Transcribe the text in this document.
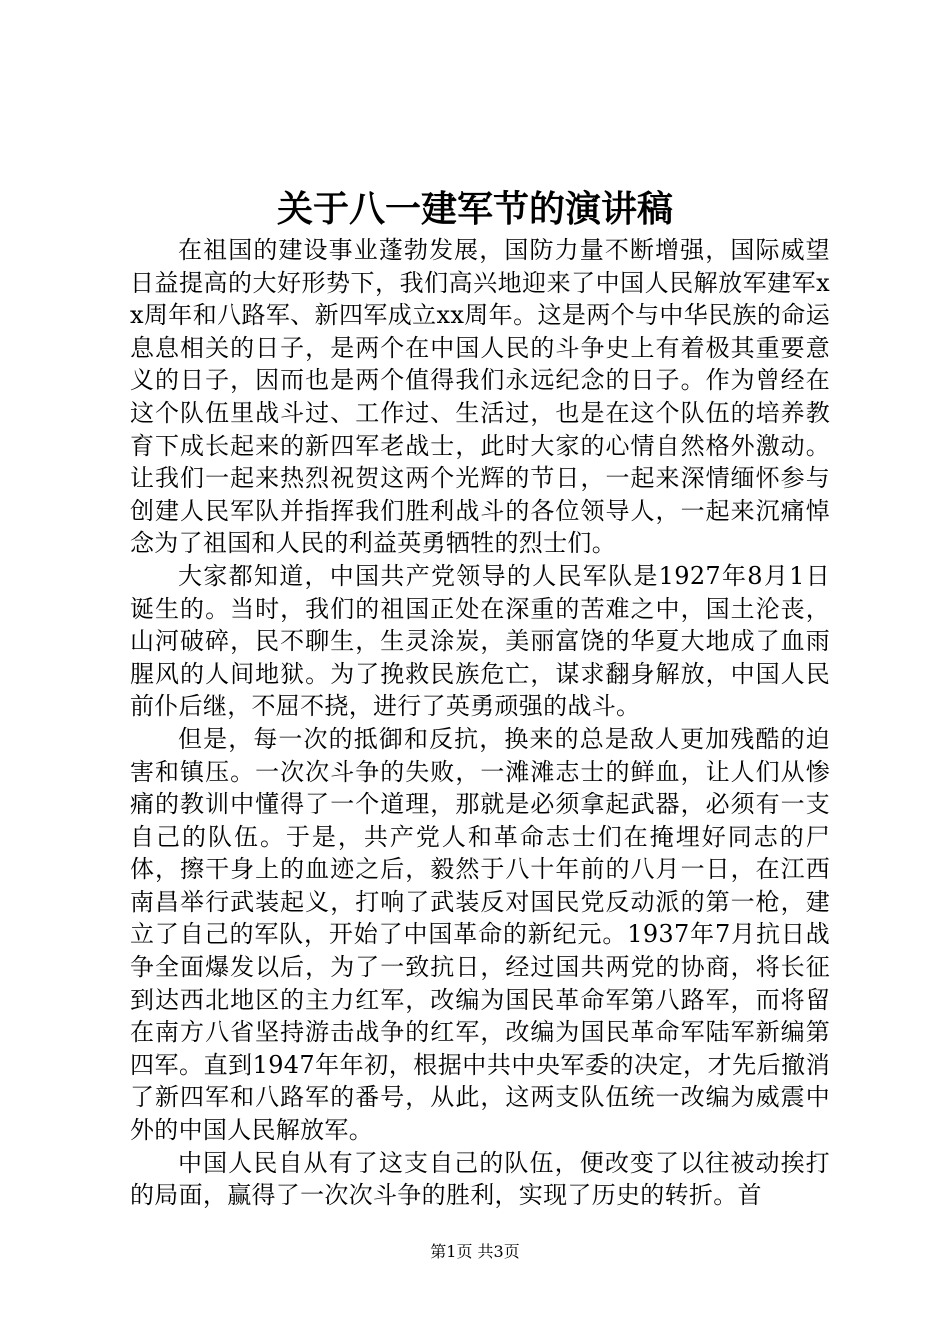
关于八一建军节的演讲稿

在祖国的建设事业蓬勃发展，国防力量不断增强，国际威望日益提高的大好形势下，我们高兴地迎来了中国人民解放军建军xx周年和八路军、新四军成立xx周年。这是两个与中华民族的命运息息相关的日子，是两个在中国人民的斗争史上有着极其重要意义的日子，因而也是两个值得我们永远纪念的日子。作为曾经在这个队伍里战斗过、工作过、生活过，也是在这个队伍的培养教育下成长起来的新四军老战士，此时大家的心情自然格外激动。让我们一起来热烈祝贺这两个光辉的节日，一起来深情缅怀参与创建人民军队并指挥我们胜利战斗的各位领导人，一起来沉痛悼念为了祖国和人民的利益英勇牺牲的烈士们。

大家都知道，中国共产党领导的人民军队是1927年8月1日诞生的。当时，我们的祖国正处在深重的苦难之中，国土沦丧，山河破碎，民不聊生，生灵涂炭，美丽富饶的华夏大地成了血雨腥风的人间地狱。为了挽救民族危亡，谋求翻身解放，中国人民前仆后继，不屈不挠，进行了英勇顽强的战斗。

但是，每一次的抵御和反抗，换来的总是敌人更加残酷的迫害和镇压。一次次斗争的失败，一滩滩志士的鲜血，让人们从惨痛的教训中懂得了一个道理，那就是必须拿起武器，必须有一支自己的队伍。于是，共产党人和革命志士们在掩埋好同志的尸体，擦干身上的血迹之后，毅然于八十年前的八月一日，在江西南昌举行武装起义，打响了武装反对国民党反动派的第一枪，建立了自己的军队，开始了中国革命的新纪元。1937年7月抗日战争全面爆发以后，为了一致抗日，经过国共两党的协商，将长征到达西北地区的主力红军，改编为国民革命军第八路军，而将留在南方八省坚持游击战争的红军，改编为国民革命军陆军新编第四军。直到1947年年初，根据中共中央军委的决定，才先后撤消了新四军和八路军的番号，从此，这两支队伍统一改编为威震中外的中国人民解放军。

中国人民自从有了这支自己的队伍，便改变了以往被动挨打的局面，赢得了一次次斗争的胜利，实现了历史的转折。首

第1页 共3页
